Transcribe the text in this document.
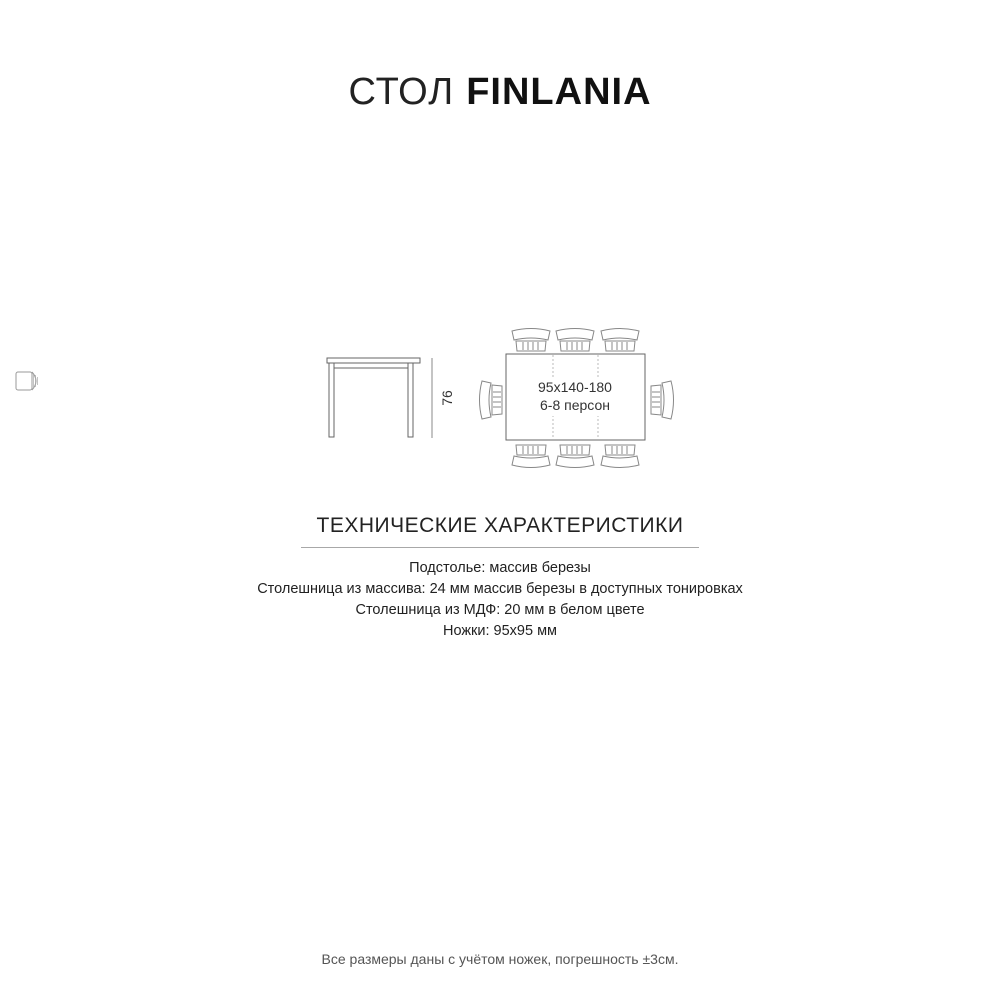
СТОЛ FINLANIA
76
95x140-180
6-8 персон
ТЕХНИЧЕСКИЕ ХАРАКТЕРИСТИКИ
Подстолье: массив березы
Столешница из массива: 24 мм массив березы в доступных тонировках
Столешница из МДФ: 20 мм в белом цвете
Ножки: 95x95 мм
Все размеры даны с учётом ножек, погрешность ±3см.
